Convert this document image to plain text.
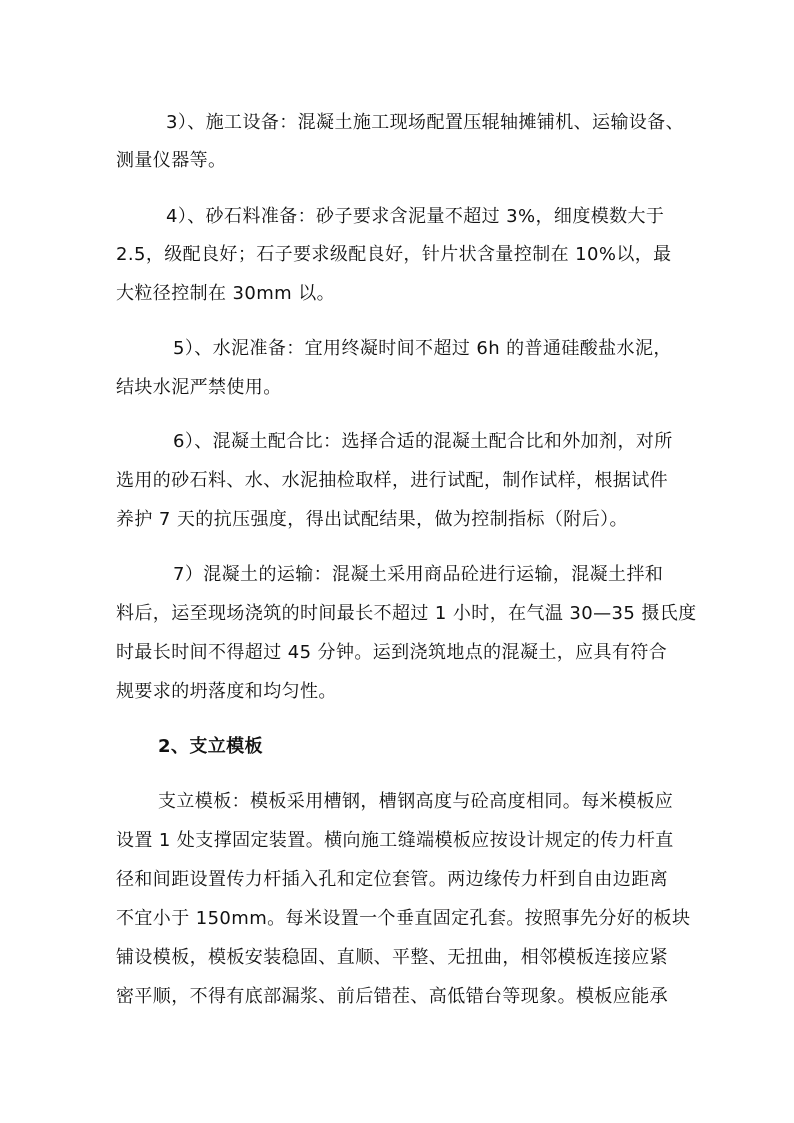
3）、施工设备：混凝土施工现场配置压辊轴摊铺机、运输设备、
测量仪器等。
4）、砂石料准备：砂子要求含泥量不超过 3%，细度模数大于
2.5，级配良好；石子要求级配良好，针片状含量控制在 10%以，最
大粒径控制在 30mm 以。
5）、水泥准备：宜用终凝时间不超过 6h 的普通硅酸盐水泥，
结块水泥严禁使用。
6）、混凝土配合比：选择合适的混凝土配合比和外加剂，对所
选用的砂石料、水、水泥抽检取样，进行试配，制作试样，根据试件
养护 7 天的抗压强度，得出试配结果，做为控制指标（附后）。
7）混凝土的运输：混凝土采用商品砼进行运输，混凝土拌和
料后，运至现场浇筑的时间最长不超过 1 小时，在气温 30—35 摄氏度
时最长时间不得超过 45 分钟。运到浇筑地点的混凝土，应具有符合
规要求的坍落度和均匀性。
2、支立模板
支立模板：模板采用槽钢，槽钢高度与砼高度相同。每米模板应
设置 1 处支撑固定装置。横向施工缝端模板应按设计规定的传力杆直
径和间距设置传力杆插入孔和定位套管。两边缘传力杆到自由边距离
不宜小于 150mm。每米设置一个垂直固定孔套。按照事先分好的板块
铺设模板，模板安装稳固、直顺、平整、无扭曲，相邻模板连接应紧
密平顺，不得有底部漏浆、前后错茬、高低错台等现象。模板应能承
